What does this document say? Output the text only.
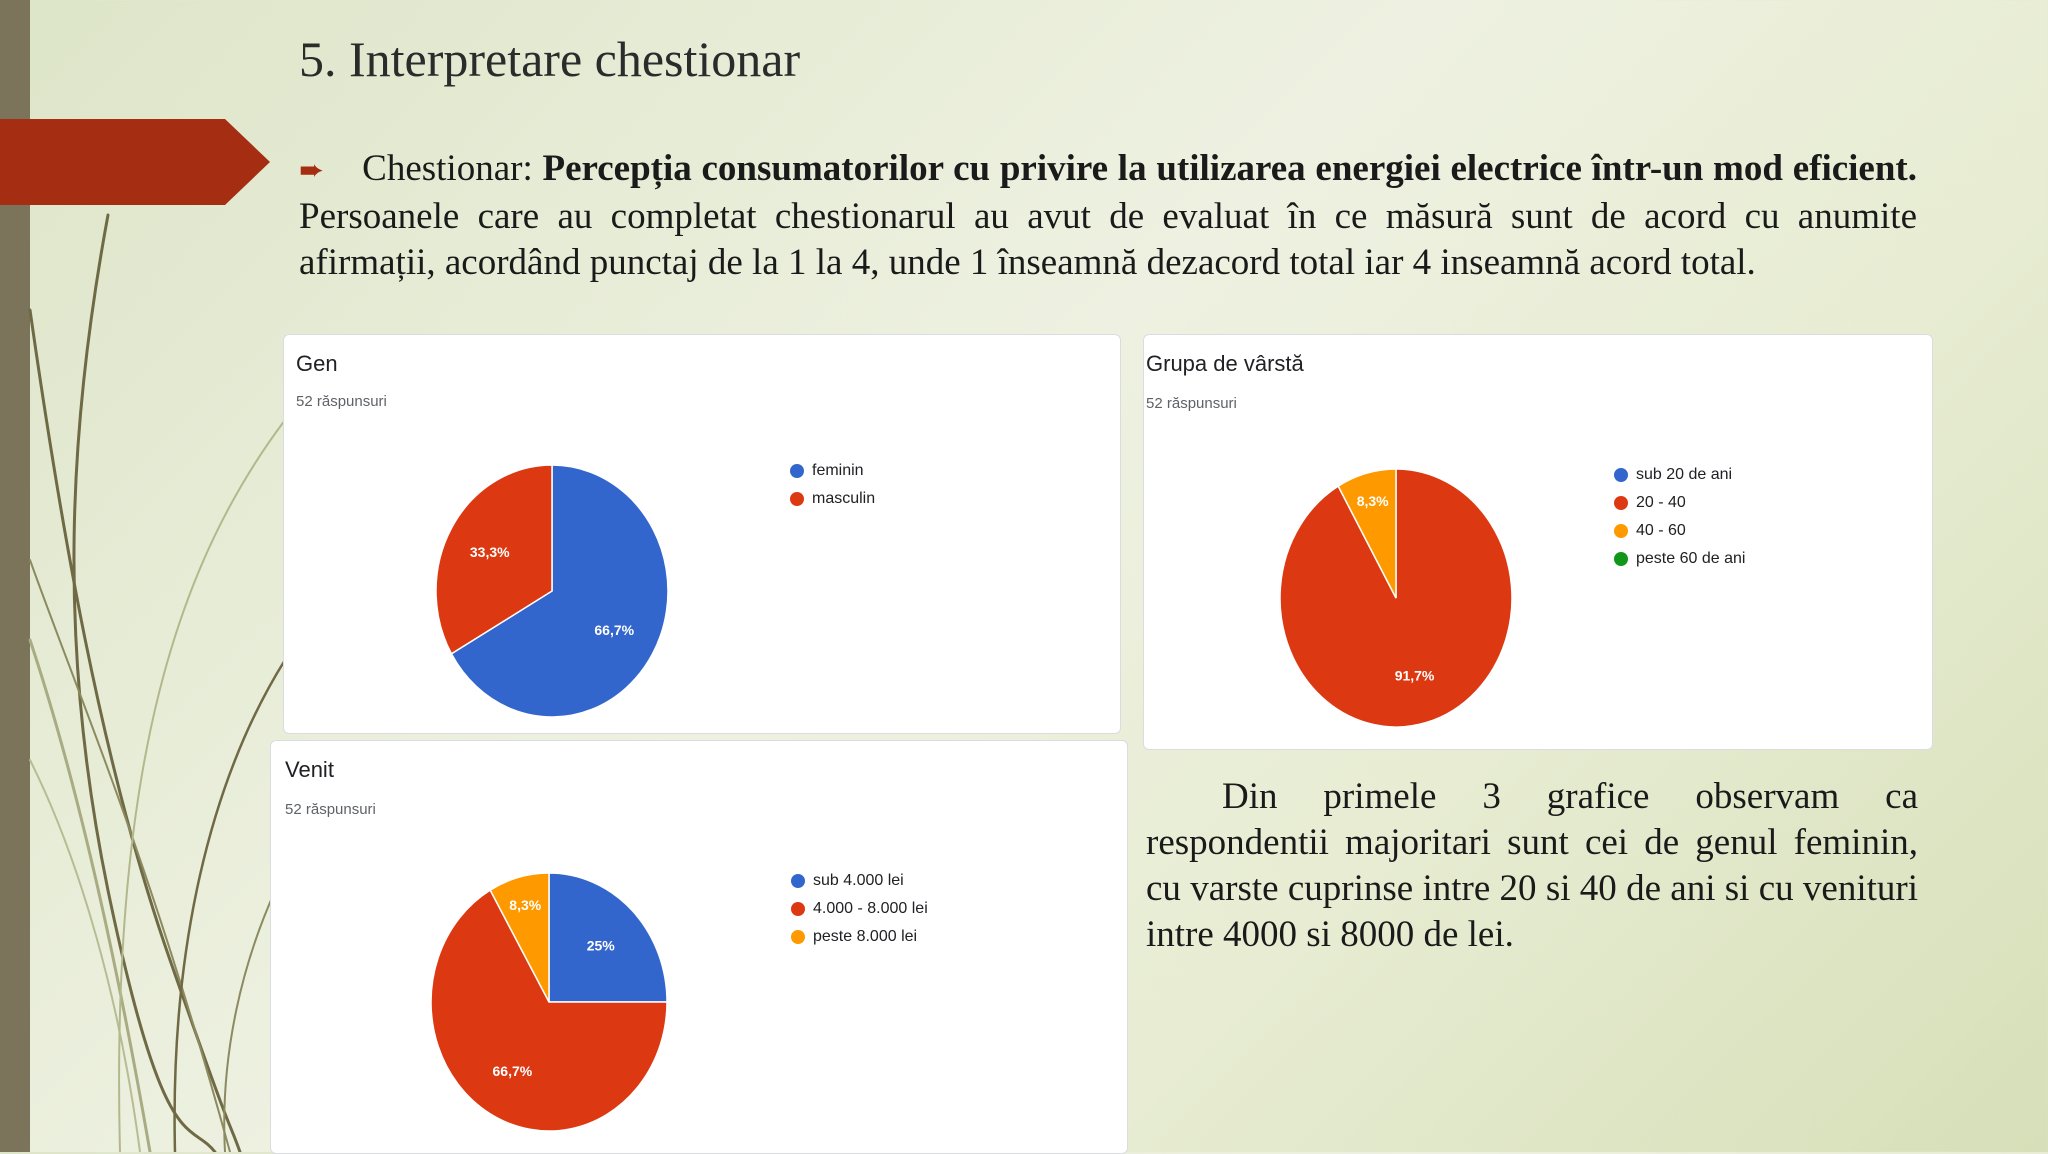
5. Interpretare chestionar
➨ Chestionar: Percepția consumatorilor cu privire la utilizarea energiei electrice într-un mod eficient. Persoanele care au completat chestionarul au avut de evaluat în ce măsură sunt de acord cu anumite afirmații, acordând punctaj de la 1 la 4, unde 1 înseamnă dezacord total iar 4 inseamnă acord total.
Gen
52 răspunsuri
66,7%
33,3%
feminin
masculin
Grupa de vârstă
52 răspunsuri
91,7%
8,3%
sub 20 de ani
20 - 40
40 - 60
peste 60 de ani
Venit
52 răspunsuri
25%
66,7%
8,3%
sub 4.000 lei
4.000 - 8.000 lei
peste 8.000 lei
Din primele 3 grafice observam ca respondentii majoritari sunt cei de genul feminin, cu varste cuprinse intre 20 si 40 de ani si cu venituri intre 4000 si 8000 de lei.
